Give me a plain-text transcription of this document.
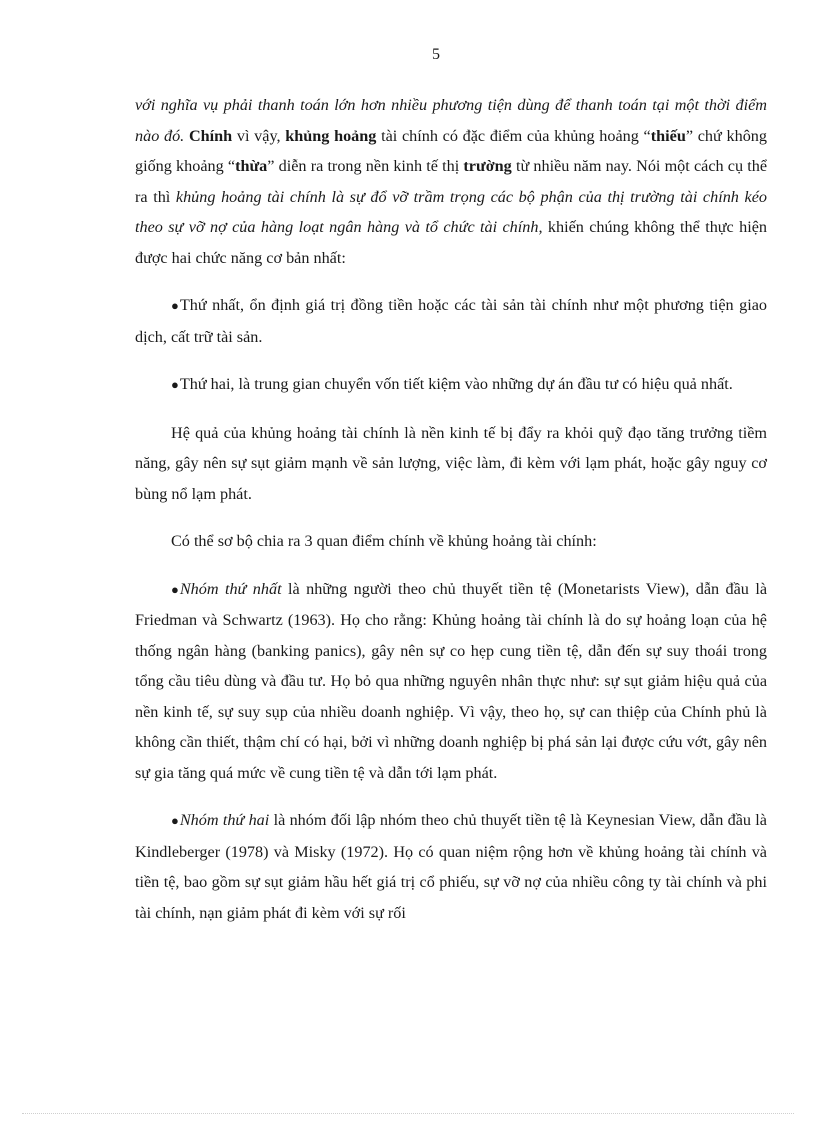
5

với nghĩa vụ phải thanh toán lớn hơn nhiều phương tiện dùng để thanh toán tại một thời điểm nào đó. Chính vì vậy, khủng hoảng tài chính có đặc điểm của khủng hoảng “thiếu” chứ không giống khoảng “thừa” diễn ra trong nền kinh tế thị trường từ nhiều năm nay. Nói một cách cụ thể ra thì khủng hoảng tài chính là sự đổ vỡ trầm trọng các bộ phận của thị trường tài chính kéo theo sự vỡ nợ của hàng loạt ngân hàng và tổ chức tài chính, khiến chúng không thể thực hiện được hai chức năng cơ bản nhất:

●Thứ nhất, ổn định giá trị đồng tiền hoặc các tài sản tài chính như một phương tiện giao dịch, cất trữ tài sản.

●Thứ hai, là trung gian chuyển vốn tiết kiệm vào những dự án đầu tư có hiệu quả nhất.

Hệ quả của khủng hoảng tài chính là nền kinh tế bị đẩy ra khỏi quỹ đạo tăng trưởng tiềm năng, gây nên sự sụt giảm mạnh về sản lượng, việc làm, đi kèm với lạm phát, hoặc gây nguy cơ bùng nổ lạm phát.

Có thể sơ bộ chia ra 3 quan điểm chính về khủng hoảng tài chính:

●Nhóm thứ nhất là những người theo chủ thuyết tiền tệ (Monetarists View), dẫn đầu là Friedman và Schwartz (1963). Họ cho rằng: Khủng hoảng tài chính là do sự hoảng loạn của hệ thống ngân hàng (banking panics), gây nên sự co hẹp cung tiền tệ, dẫn đến sự suy thoái trong tổng cầu tiêu dùng và đầu tư. Họ bỏ qua những nguyên nhân thực như: sự sụt giảm hiệu quả của nền kinh tế, sự suy sụp của nhiều doanh nghiệp. Vì vậy, theo họ, sự can thiệp của Chính phủ là không cần thiết, thậm chí có hại, bởi vì những doanh nghiệp bị phá sản lại được cứu vớt, gây nên sự gia tăng quá mức về cung tiền tệ và dẫn tới lạm phát.

●Nhóm thứ hai là nhóm đối lập nhóm theo chủ thuyết tiền tệ là Keynesian View, dẫn đầu là Kindleberger (1978) và Misky (1972). Họ có quan niệm rộng hơn về khủng hoảng tài chính và tiền tệ, bao gồm sự sụt giảm hầu hết giá trị cổ phiếu, sự vỡ nợ của nhiều công ty tài chính và phi tài chính, nạn giảm phát đi kèm với sự rối
